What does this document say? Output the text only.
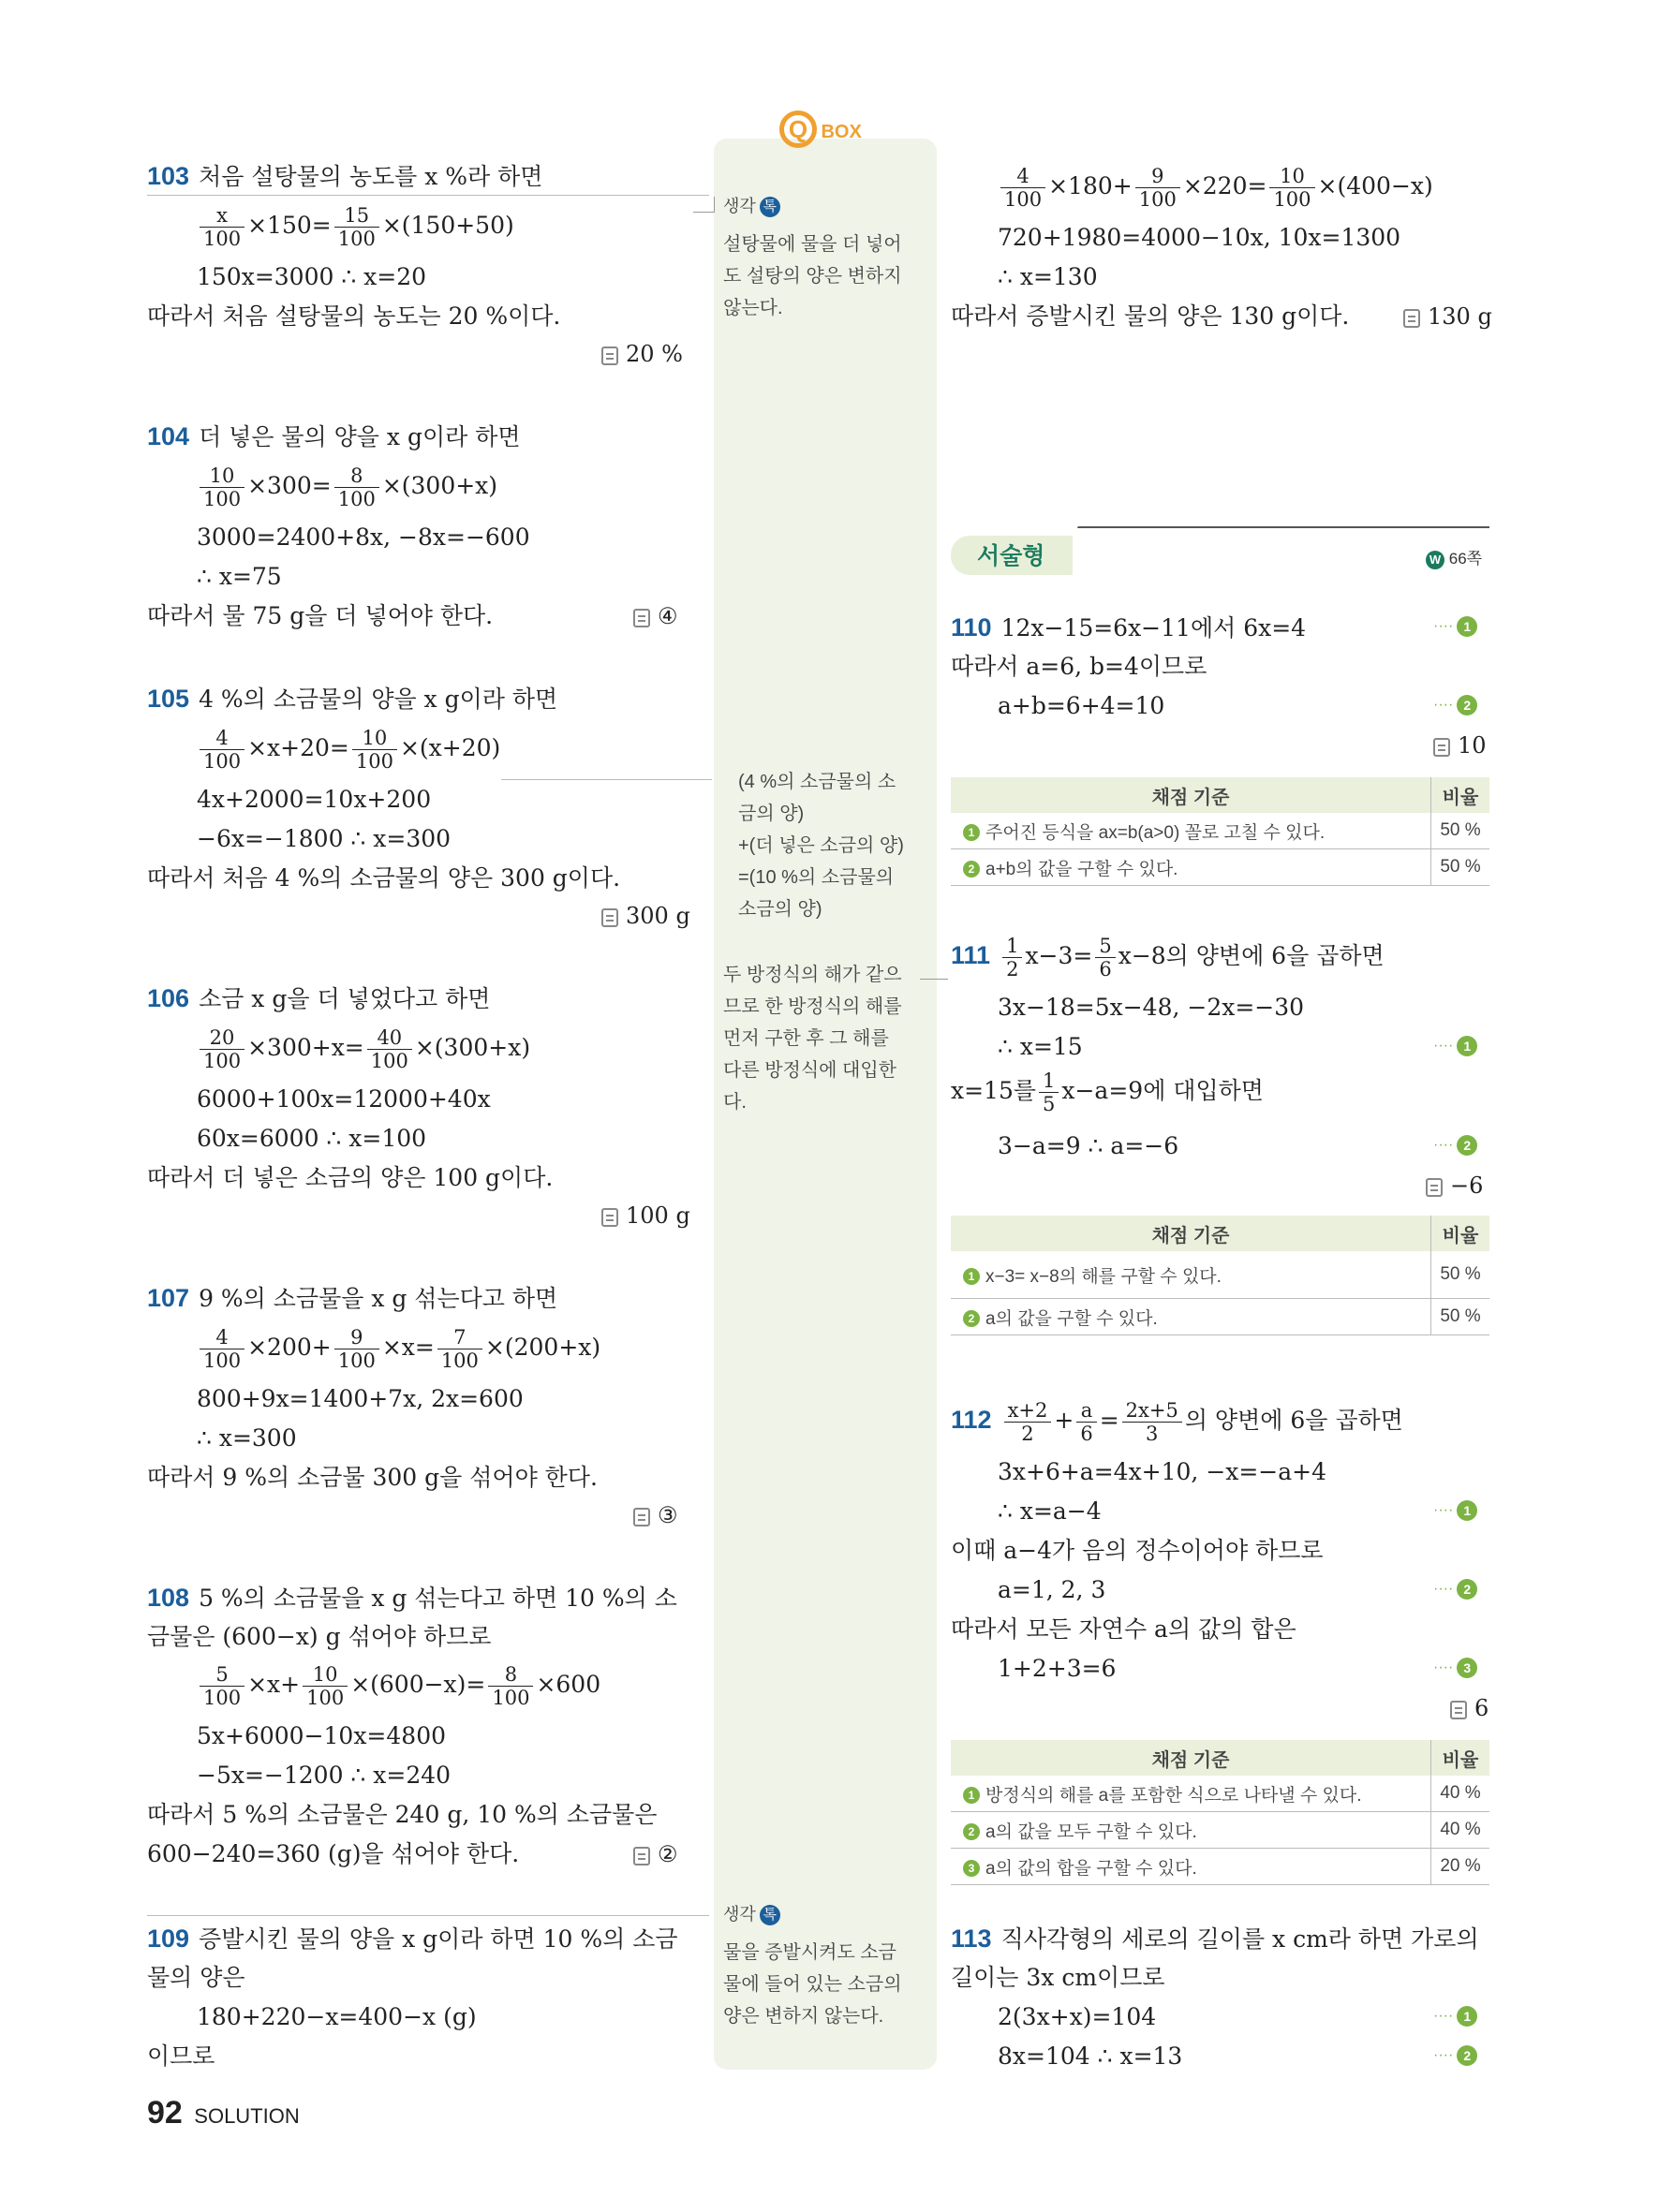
Q BOX
103 처음 설탕물의 농도를 x %라 하면
$\frac{x}{100} \times 150= \frac{15}{100} \times(150+50)$
150x=3000 ∴ x=20
따라서 처음 설탕물의 농도는 20 %이다.
20 %
104 더 넣은 물의 양을 x g이라 하면
$\frac{10}{100} \times 300= \frac{8}{100} \times(300+x)$
3000=2400+8x, −8x=−600
∴ x=75
따라서 물 75 g을 더 넣어야 한다.	④
105 4 %의 소금물의 양을 x g이라 하면
$\frac{4}{100} \times x+20= \frac{10}{100} \times(x+20)$
4x+2000=10x+200
−6x=−1800 ∴ x=300
따라서 처음 4 %의 소금물의 양은 300 g이다.
300 g
106 소금 x g을 더 넣었다고 하면
$\frac{20}{100} \times 300+x= \frac{40}{100} \times(300+x)$
6000+100x=12000+40x
60x=6000 ∴ x=100
따라서 더 넣은 소금의 양은 100 g이다.
100 g
107 9 %의 소금물을 x g 섞는다고 하면
$\frac{4}{100} \times 200+ \frac{9}{100} \times x= \frac{7}{100} \times(200+x)$
800+9x=1400+7x, 2x=600
∴ x=300
따라서 9 %의 소금물 300 g을 섞어야 한다.
③
108 5 %의 소금물을 x g 섞는다고 하면 10 %의 소
금물은 (600−x) g 섞어야 하므로
$\frac{5}{100} \times x+ \frac{10}{100} \times(600-x)= \frac{8}{100} \times 600$
5x+6000−10x=4800
−5x=−1200 ∴ x=240
따라서 5 %의 소금물은 240 g, 10 %의 소금물은
600−240=360 (g)을 섞어야 한다.	②
109 증발시킨 물의 양을 x g이라 하면 10 %의 소금
물의 양은
180+220−x=400−x (g)
이므로
생각 톡
설탕물에 물을 더 넣어
도 설탕의 양은 변하지
않는다.
(4 %의 소금물의 소
금의 양)
+(더 넣은 소금의 양)
=(10 %의 소금물의
소금의 양)
두 방정식의 해가 같으
므로 한 방정식의 해를
먼저 구한 후 그 해를
다른 방정식에 대입한
다.
생각 톡
물을 증발시켜도 소금
물에 들어 있는 소금의
양은 변하지 않는다.
$\frac{4}{100} \times 180+ \frac{9}{100} \times 220= \frac{10}{100} \times(400-x)$
720+1980=4000−10x, 10x=1300
∴ x=130
따라서 증발시킨 물의 양은 130 g이다.	130 g
서술형	W 66쪽
110 12x−15=6x−11에서 6x=4	···· 1
따라서 a=6, b=4이므로
a+b=6+4=10	···· 2
10
채점 기준	비율
1 주어진 등식을 ax=b(a>0) 꼴로 고칠 수 있다.	50 %
2 a+b의 값을 구할 수 있다.	50 %
$111 \frac{1}{2} x-3= \frac{5}{6} x-8$의 양변에 6을 곱하면
3x−18=5x−48, −2x=−30
∴ x=15	···· 1
x=15를 $\frac{1}{5} x-a=9$에 대입하면
3−a=9 ∴ a=−6	···· 2
−6
채점 기준	비율
1 x−3= x−8의 해를 구할 수 있다.	50 %
2 a의 값을 구할 수 있다.	50 %
$112 \frac{x+2}{2} + \frac{a}{6} = \frac{2x+5}{3}$ 의 양변에 6을 곱하면
3x+6+a=4x+10, −x=−a+4
∴ x=a−4	···· 1
이때 a−4가 음의 정수이어야 하므로
a=1, 2, 3	···· 2
따라서 모든 자연수 a의 값의 합은
1+2+3=6	···· 3
6
채점 기준	비율
1 방정식의 해를 a를 포함한 식으로 나타낼 수 있다.	40 %
2 a의 값을 모두 구할 수 있다.	40 %
3 a의 값의 합을 구할 수 있다.	20 %
113 직사각형의 세로의 길이를 x cm라 하면 가로의
길이는 3x cm이므로
2(3x+x)=104	···· 1
8x=104 ∴ x=13	···· 2
92 SOLUTION
